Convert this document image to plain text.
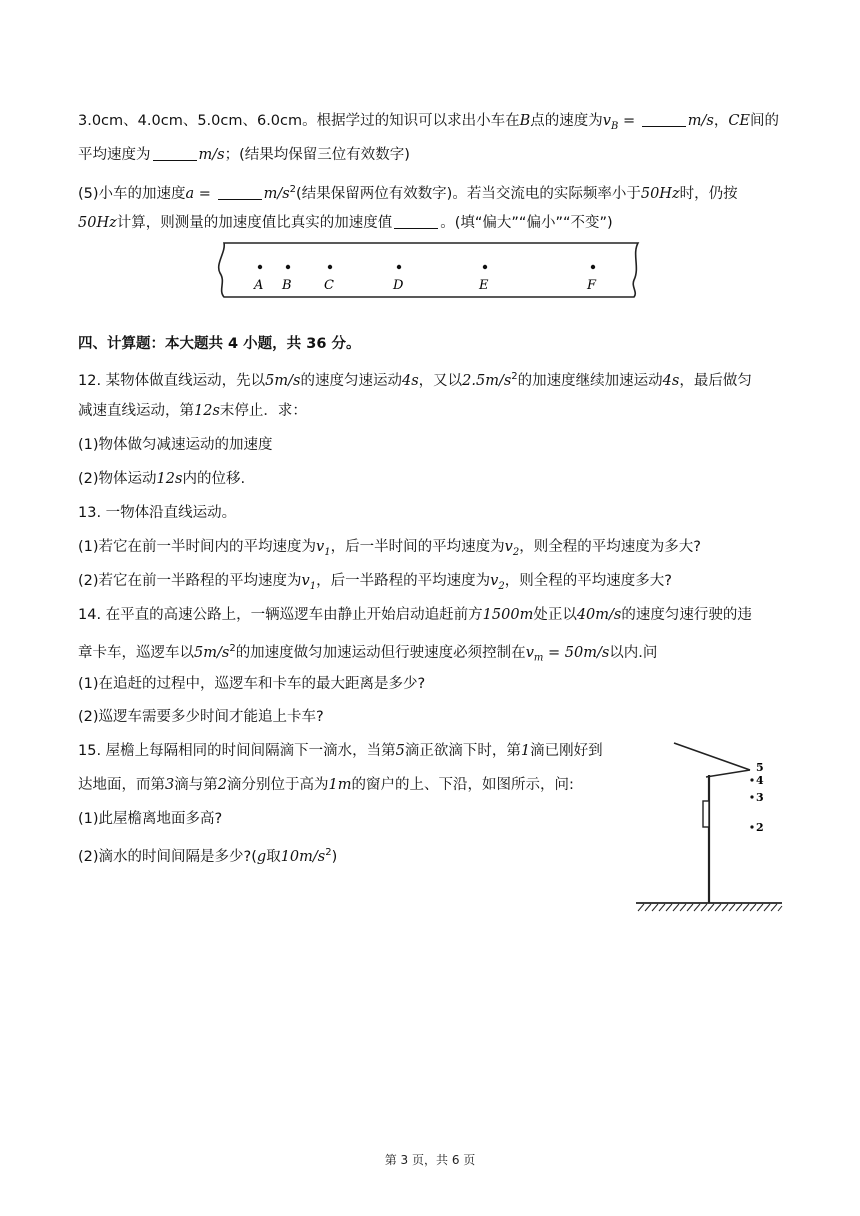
3.0cm、4.0cm、5.0cm、6.0cm。根据学过的知识可以求出小车在B点的速度为$v_B$ =	m/s，CE间的
平均速度为	m/s；(结果均保留三位有效数字)
(5)小车的加速度a =	$m/s^2$(结果保留两位有效数字)。若当交流电的实际频率小于50Hz时，仍按
50Hz计算，则测量的加速度值比真实的加速度值	。(填“偏大”“偏小”“不变”)
A B C	D	E	F
四、计算题：本大题共 4 小题，共 36 分。
12. 某物体做直线运动，先以5m/s的速度匀速运动4s，又以$2.5m/s^2$的加速度继续加速运动4s，最后做匀
减速直线运动，第12s末停止．求：
(1)物体做匀减速运动的加速度
(2)物体运动12s内的位移.
13. 一物体沿直线运动。
(1)若它在前一半时间内的平均速度为$v_1$，后一半时间的平均速度为$v_2$，则全程的平均速度为多大?
(2)若它在前一半路程的平均速度为$v_1$，后一半路程的平均速度为$v_2$，则全程的平均速度多大?
14. 在平直的高速公路上，一辆巡逻车由静止开始启动追赶前方1500m处正以40m/s的速度匀速行驶的违
章卡车，巡逻车以$5m/s^2$的加速度做匀加速运动但行驶速度必须控制在$v_m = 50m/s$以内.问
(1)在追赶的过程中，巡逻车和卡车的最大距离是多少?
(2)巡逻车需要多少时间才能追上卡车?
15. 屋檐上每隔相同的时间间隔滴下一滴水，当第5滴正欲滴下时，第1滴已刚好到
达地面，而第3滴与第2滴分别位于高为1m的窗户的上、下沿，如图所示，问:
(1)此屋檐离地面多高?
(2)滴水的时间间隔是多少?(g取$10m/s^2$)
5
4
3
2
第 3 页，共 6 页
